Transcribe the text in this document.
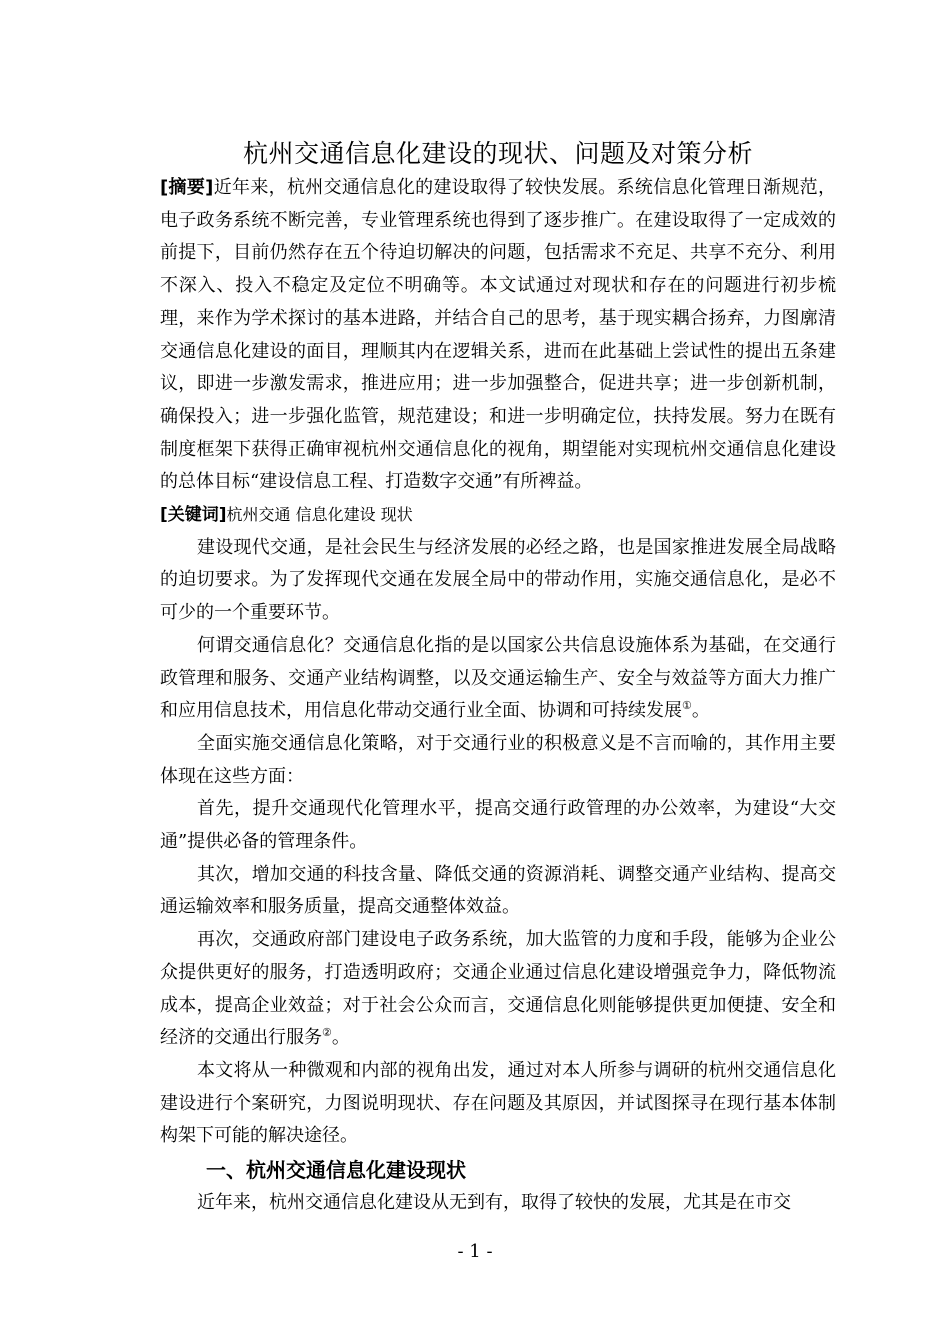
杭州交通信息化建设的现状、问题及对策分析

[摘要]近年来，杭州交通信息化的建设取得了较快发展。系统信息化管理日渐规范，电子政务系统不断完善，专业管理系统也得到了逐步推广。在建设取得了一定成效的前提下，目前仍然存在五个待迫切解决的问题，包括需求不充足、共享不充分、利用不深入、投入不稳定及定位不明确等。本文试通过对现状和存在的问题进行初步梳理，来作为学术探讨的基本进路，并结合自己的思考，基于现实耦合扬弃，力图廓清交通信息化建设的面目，理顺其内在逻辑关系，进而在此基础上尝试性的提出五条建议，即进一步激发需求，推进应用；进一步加强整合，促进共享；进一步创新机制，确保投入；进一步强化监管，规范建设；和进一步明确定位，扶持发展。努力在既有制度框架下获得正确审视杭州交通信息化的视角，期望能对实现杭州交通信息化建设的总体目标“建设信息工程、打造数字交通”有所裨益。

[关键词]杭州交通 信息化建设 现状

建设现代交通，是社会民生与经济发展的必经之路，也是国家推进发展全局战略的迫切要求。为了发挥现代交通在发展全局中的带动作用，实施交通信息化，是必不可少的一个重要环节。

何谓交通信息化？交通信息化指的是以国家公共信息设施体系为基础，在交通行政管理和服务、交通产业结构调整，以及交通运输生产、安全与效益等方面大力推广和应用信息技术，用信息化带动交通行业全面、协调和可持续发展①。

全面实施交通信息化策略，对于交通行业的积极意义是不言而喻的，其作用主要体现在这些方面：

首先，提升交通现代化管理水平，提高交通行政管理的办公效率，为建设“大交通”提供必备的管理条件。

其次，增加交通的科技含量、降低交通的资源消耗、调整交通产业结构、提高交通运输效率和服务质量，提高交通整体效益。

再次，交通政府部门建设电子政务系统，加大监管的力度和手段，能够为企业公众提供更好的服务，打造透明政府；交通企业通过信息化建设增强竞争力，降低物流成本，提高企业效益；对于社会公众而言，交通信息化则能够提供更加便捷、安全和经济的交通出行服务②。

本文将从一种微观和内部的视角出发，通过对本人所参与调研的杭州交通信息化建设进行个案研究，力图说明现状、存在问题及其原因，并试图探寻在现行基本体制构架下可能的解决途径。

一、杭州交通信息化建设现状

近年来，杭州交通信息化建设从无到有，取得了较快的发展，尤其是在市交

- 1 -
